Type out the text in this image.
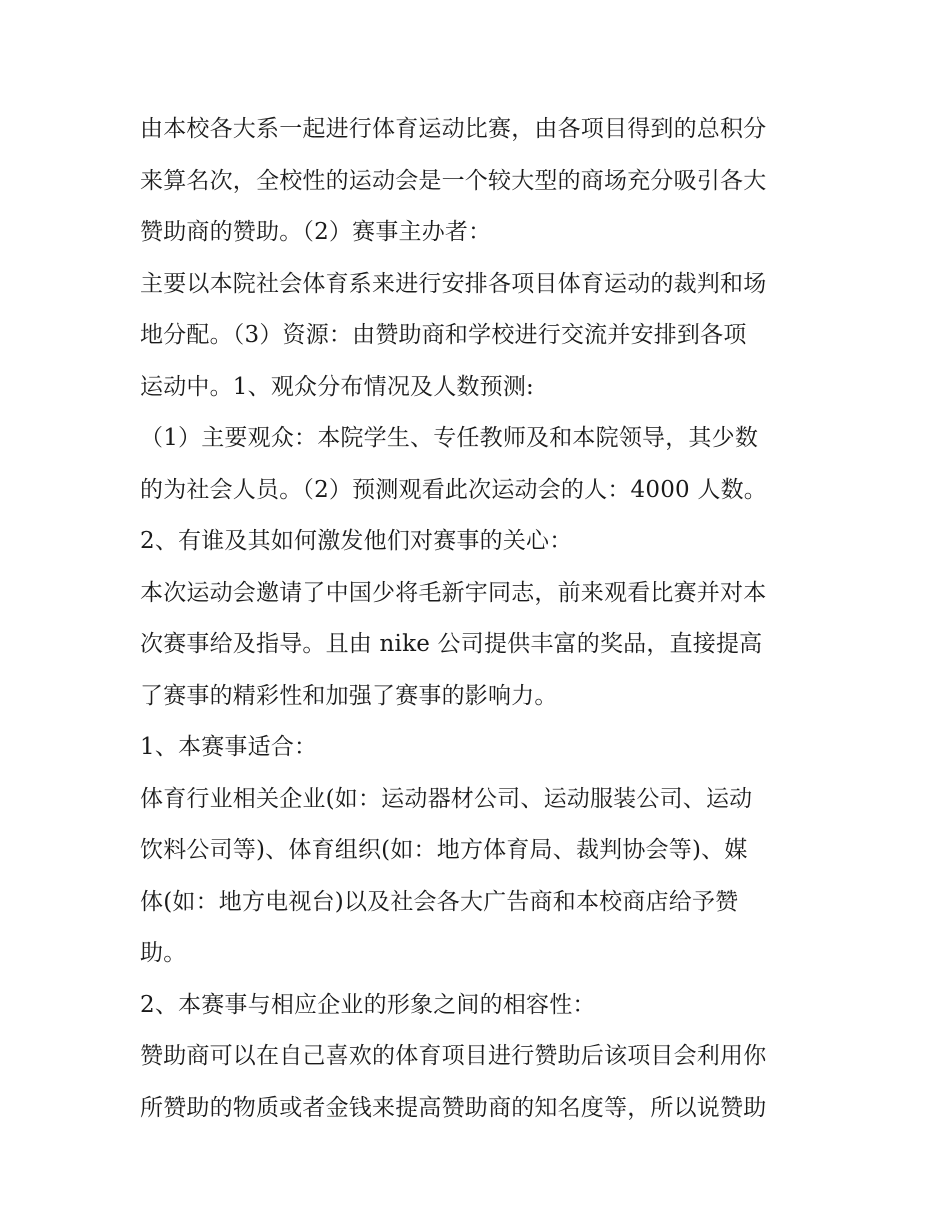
由本校各大系一起进行体育运动比赛，由各项目得到的总积分
来算名次，全校性的运动会是一个较大型的商场充分吸引各大
赞助商的赞助。（2）赛事主办者：
主要以本院社会体育系来进行安排各项目体育运动的裁判和场
地分配。（3）资源：由赞助商和学校进行交流并安排到各项
运动中。1、观众分布情况及人数预测:
（1）主要观众：本院学生、专任教师及和本院领导，其少数
的为社会人员。（2）预测观看此次运动会的人：4000 人数。
2、有谁及其如何激发他们对赛事的关心：
本次运动会邀请了中国少将毛新宇同志，前来观看比赛并对本
次赛事给及指导。且由 nike 公司提供丰富的奖品，直接提高
了赛事的精彩性和加强了赛事的影响力。
1、本赛事适合：
体育行业相关企业(如：运动器材公司、运动服装公司、运动
饮料公司等)、体育组织(如：地方体育局、裁判协会等)、媒
体(如：地方电视台)以及社会各大广告商和本校商店给予赞
助。
2、本赛事与相应企业的形象之间的相容性：
赞助商可以在自己喜欢的体育项目进行赞助后该项目会利用你
所赞助的物质或者金钱来提高赞助商的知名度等，所以说赞助
